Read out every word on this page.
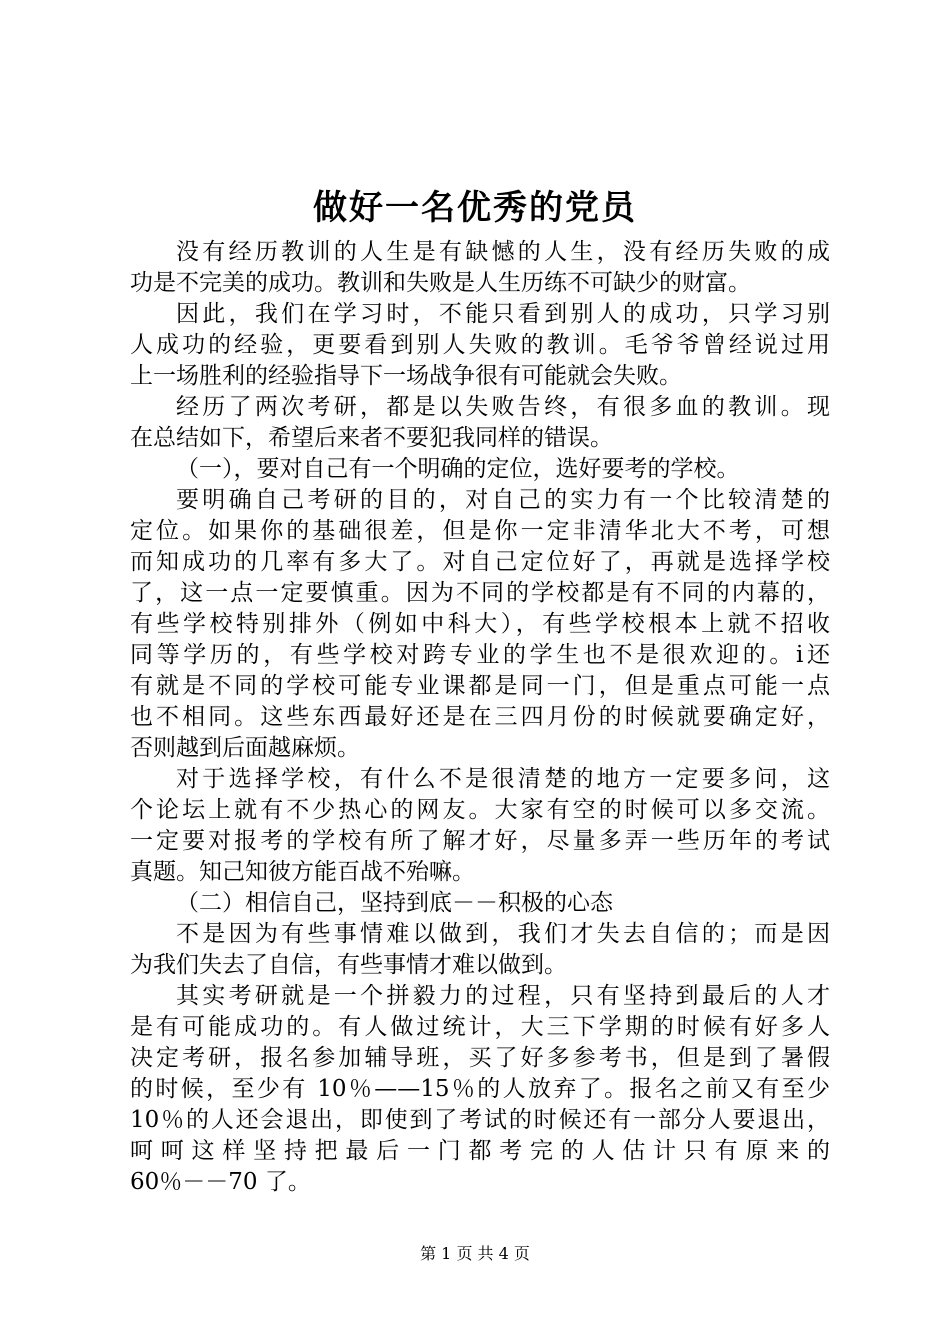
做好一名优秀的党员
没有经历教训的人生是有缺憾的人生，没有经历失败的成
功是不完美的成功。教训和失败是人生历练不可缺少的财富。
因此，我们在学习时，不能只看到别人的成功，只学习别
人成功的经验，更要看到别人失败的教训。毛爷爷曾经说过用
上一场胜利的经验指导下一场战争很有可能就会失败。
经历了两次考研，都是以失败告终，有很多血的教训。现
在总结如下，希望后来者不要犯我同样的错误。
（一），要对自己有一个明确的定位，选好要考的学校。
要明确自己考研的目的，对自己的实力有一个比较清楚的
定位。如果你的基础很差，但是你一定非清华北大不考，可想
而知成功的几率有多大了。对自己定位好了，再就是选择学校
了，这一点一定要慎重。因为不同的学校都是有不同的内幕的，
有些学校特别排外（例如中科大），有些学校根本上就不招收
同等学历的，有些学校对跨专业的学生也不是很欢迎的。i还
有就是不同的学校可能专业课都是同一门，但是重点可能一点
也不相同。这些东西最好还是在三四月份的时候就要确定好，
否则越到后面越麻烦。
对于选择学校，有什么不是很清楚的地方一定要多问，这
个论坛上就有不少热心的网友。大家有空的时候可以多交流。
一定要对报考的学校有所了解才好，尽量多弄一些历年的考试
真题。知己知彼方能百战不殆嘛。
（二）相信自己，坚持到底－－积极的心态
不是因为有些事情难以做到，我们才失去自信的；而是因
为我们失去了自信，有些事情才难以做到。
其实考研就是一个拼毅力的过程，只有坚持到最后的人才
是有可能成功的。有人做过统计，大三下学期的时候有好多人
决定考研，报名参加辅导班，买了好多参考书，但是到了暑假
的时候，至少有 10％——15％的人放弃了。报名之前又有至少
10％的人还会退出，即使到了考试的时候还有一部分人要退出，
呵呵这样坚持把最后一门都考完的人估计只有原来的
60％－－70 了。
第 1 页 共 4 页
